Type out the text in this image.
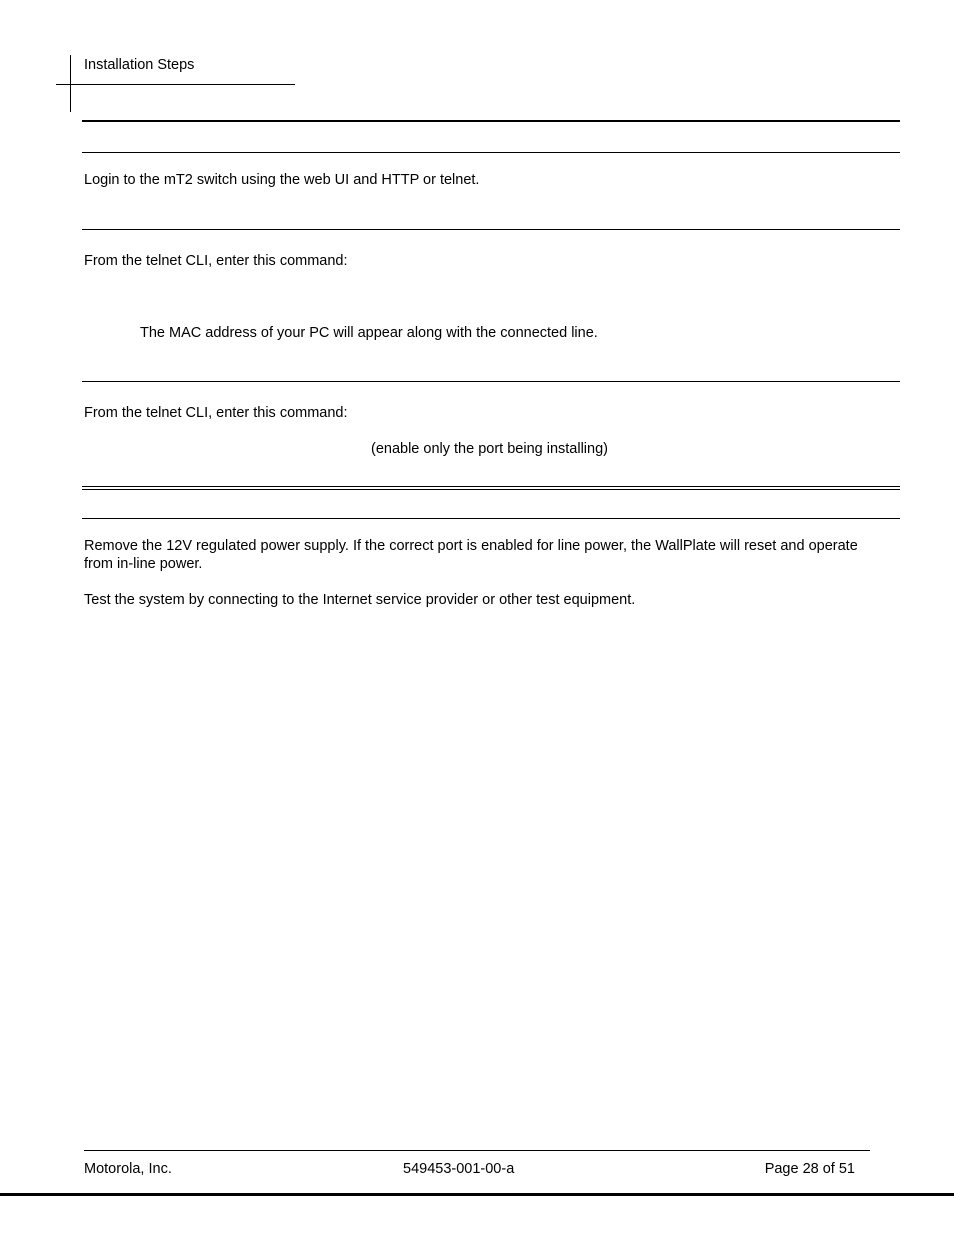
Installation Steps
Login to the mT2 switch using the web UI and HTTP or telnet.
From the telnet CLI, enter this command:
The MAC address of your PC will appear along with the connected line.
From the telnet CLI, enter this command:
(enable only the port being installing)
Remove the 12V regulated power supply. If the correct port is enabled for line power, the WallPlate will reset and operate from in-line power.
Test the system by connecting to the Internet service provider or other test equipment.
Motorola, Inc.	549453-001-00-a	Page 28 of 51
